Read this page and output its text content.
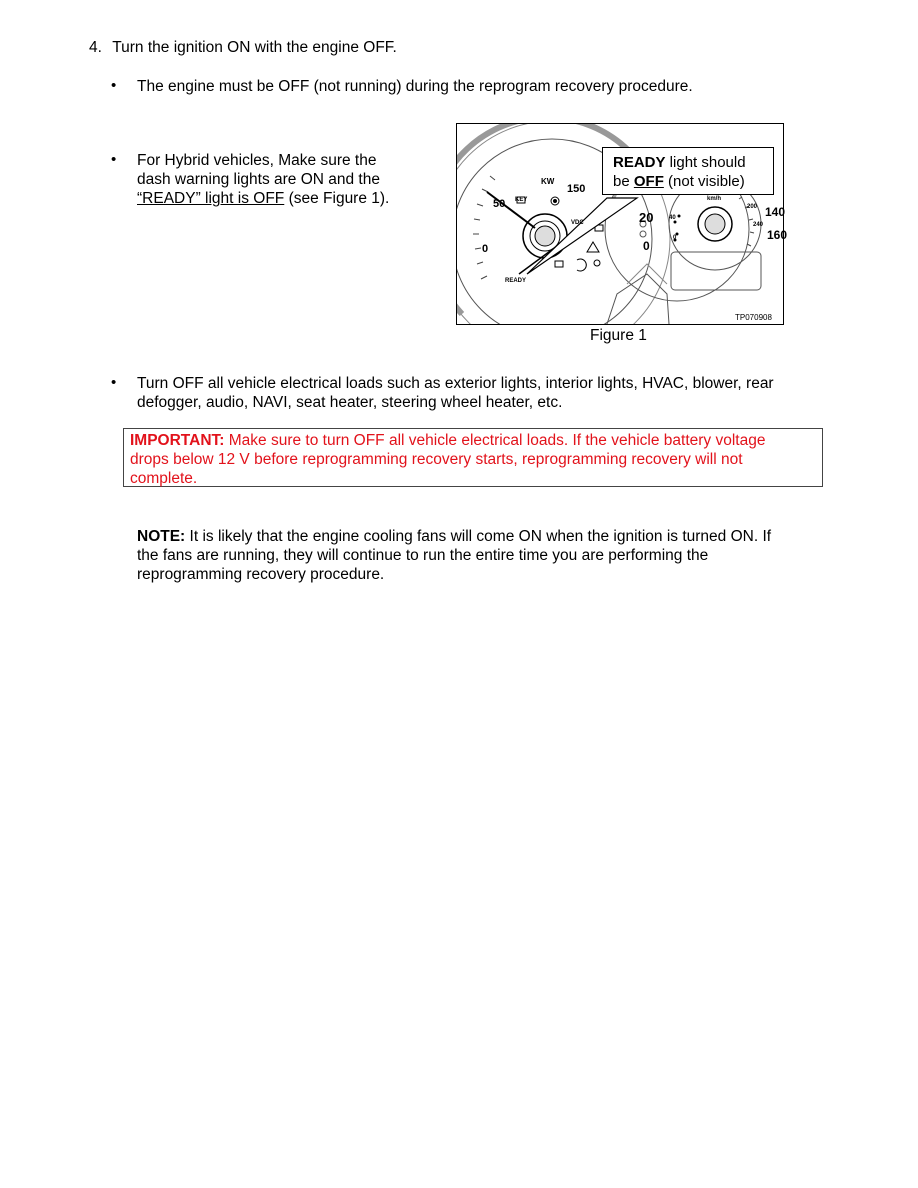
4. Turn the ignition ON with the engine OFF.
• The engine must be OFF (not running) during the reprogram recovery procedure.
• For Hybrid vehicles, Make sure the
dash warning lights are ON and the
“READY” light is OFF (see Figure 1).
KW
150
KEY
VDC
READY
50
0
20	40
0
0
km/h
200
240
140
160
TP070908
READY light should
be OFF (not visible)
Figure 1
• Turn OFF all vehicle electrical loads such as exterior lights, interior lights, HVAC, blower, rear
defogger, audio, NAVI, seat heater, steering wheel heater, etc.
IMPORTANT: Make sure to turn OFF all vehicle electrical loads. If the vehicle battery voltage
drops below 12 V before reprogramming recovery starts, reprogramming recovery will not
complete.
NOTE: It is likely that the engine cooling fans will come ON when the ignition is turned ON. If
the fans are running, they will continue to run the entire time you are performing the
reprogramming recovery procedure.
